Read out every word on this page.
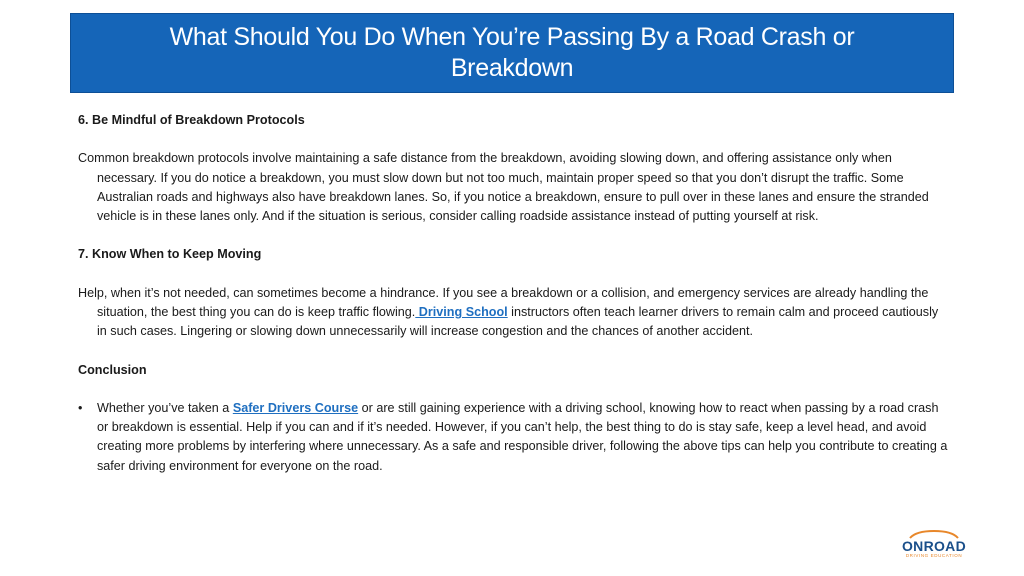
What Should You Do When You’re Passing By a Road Crash or
Breakdown

6. Be Mindful of Breakdown Protocols

Common breakdown protocols involve maintaining a safe distance from the breakdown, avoiding slowing down, and offering assistance only when necessary. If you do notice a breakdown, you must slow down but not too much, maintain proper speed so that you don’t disrupt the traffic. Some Australian roads and highways also have breakdown lanes. So, if you notice a breakdown, ensure to pull over in these lanes and ensure the stranded vehicle is in these lanes only. And if the situation is serious, consider calling roadside assistance instead of putting yourself at risk.

7. Know When to Keep Moving

Help, when it’s not needed, can sometimes become a hindrance. If you see a breakdown or a collision, and emergency services are already handling the situation, the best thing you can do is keep traffic flowing. Driving School instructors often teach learner drivers to remain calm and proceed cautiously in such cases. Lingering or slowing down unnecessarily will increase congestion and the chances of another accident.

Conclusion

•	Whether you’ve taken a Safer Drivers Course or are still gaining experience with a driving school, knowing how to react when passing by a road crash or breakdown is essential. Help if you can and if it’s needed. However, if you can’t help, the best thing to do is stay safe, keep a level head, and avoid creating more problems by interfering where unnecessary. As a safe and responsible driver, following the above tips can help you contribute to creating a safer driving environment for everyone on the road.
ONROAD
DRIVING EDUCATION
